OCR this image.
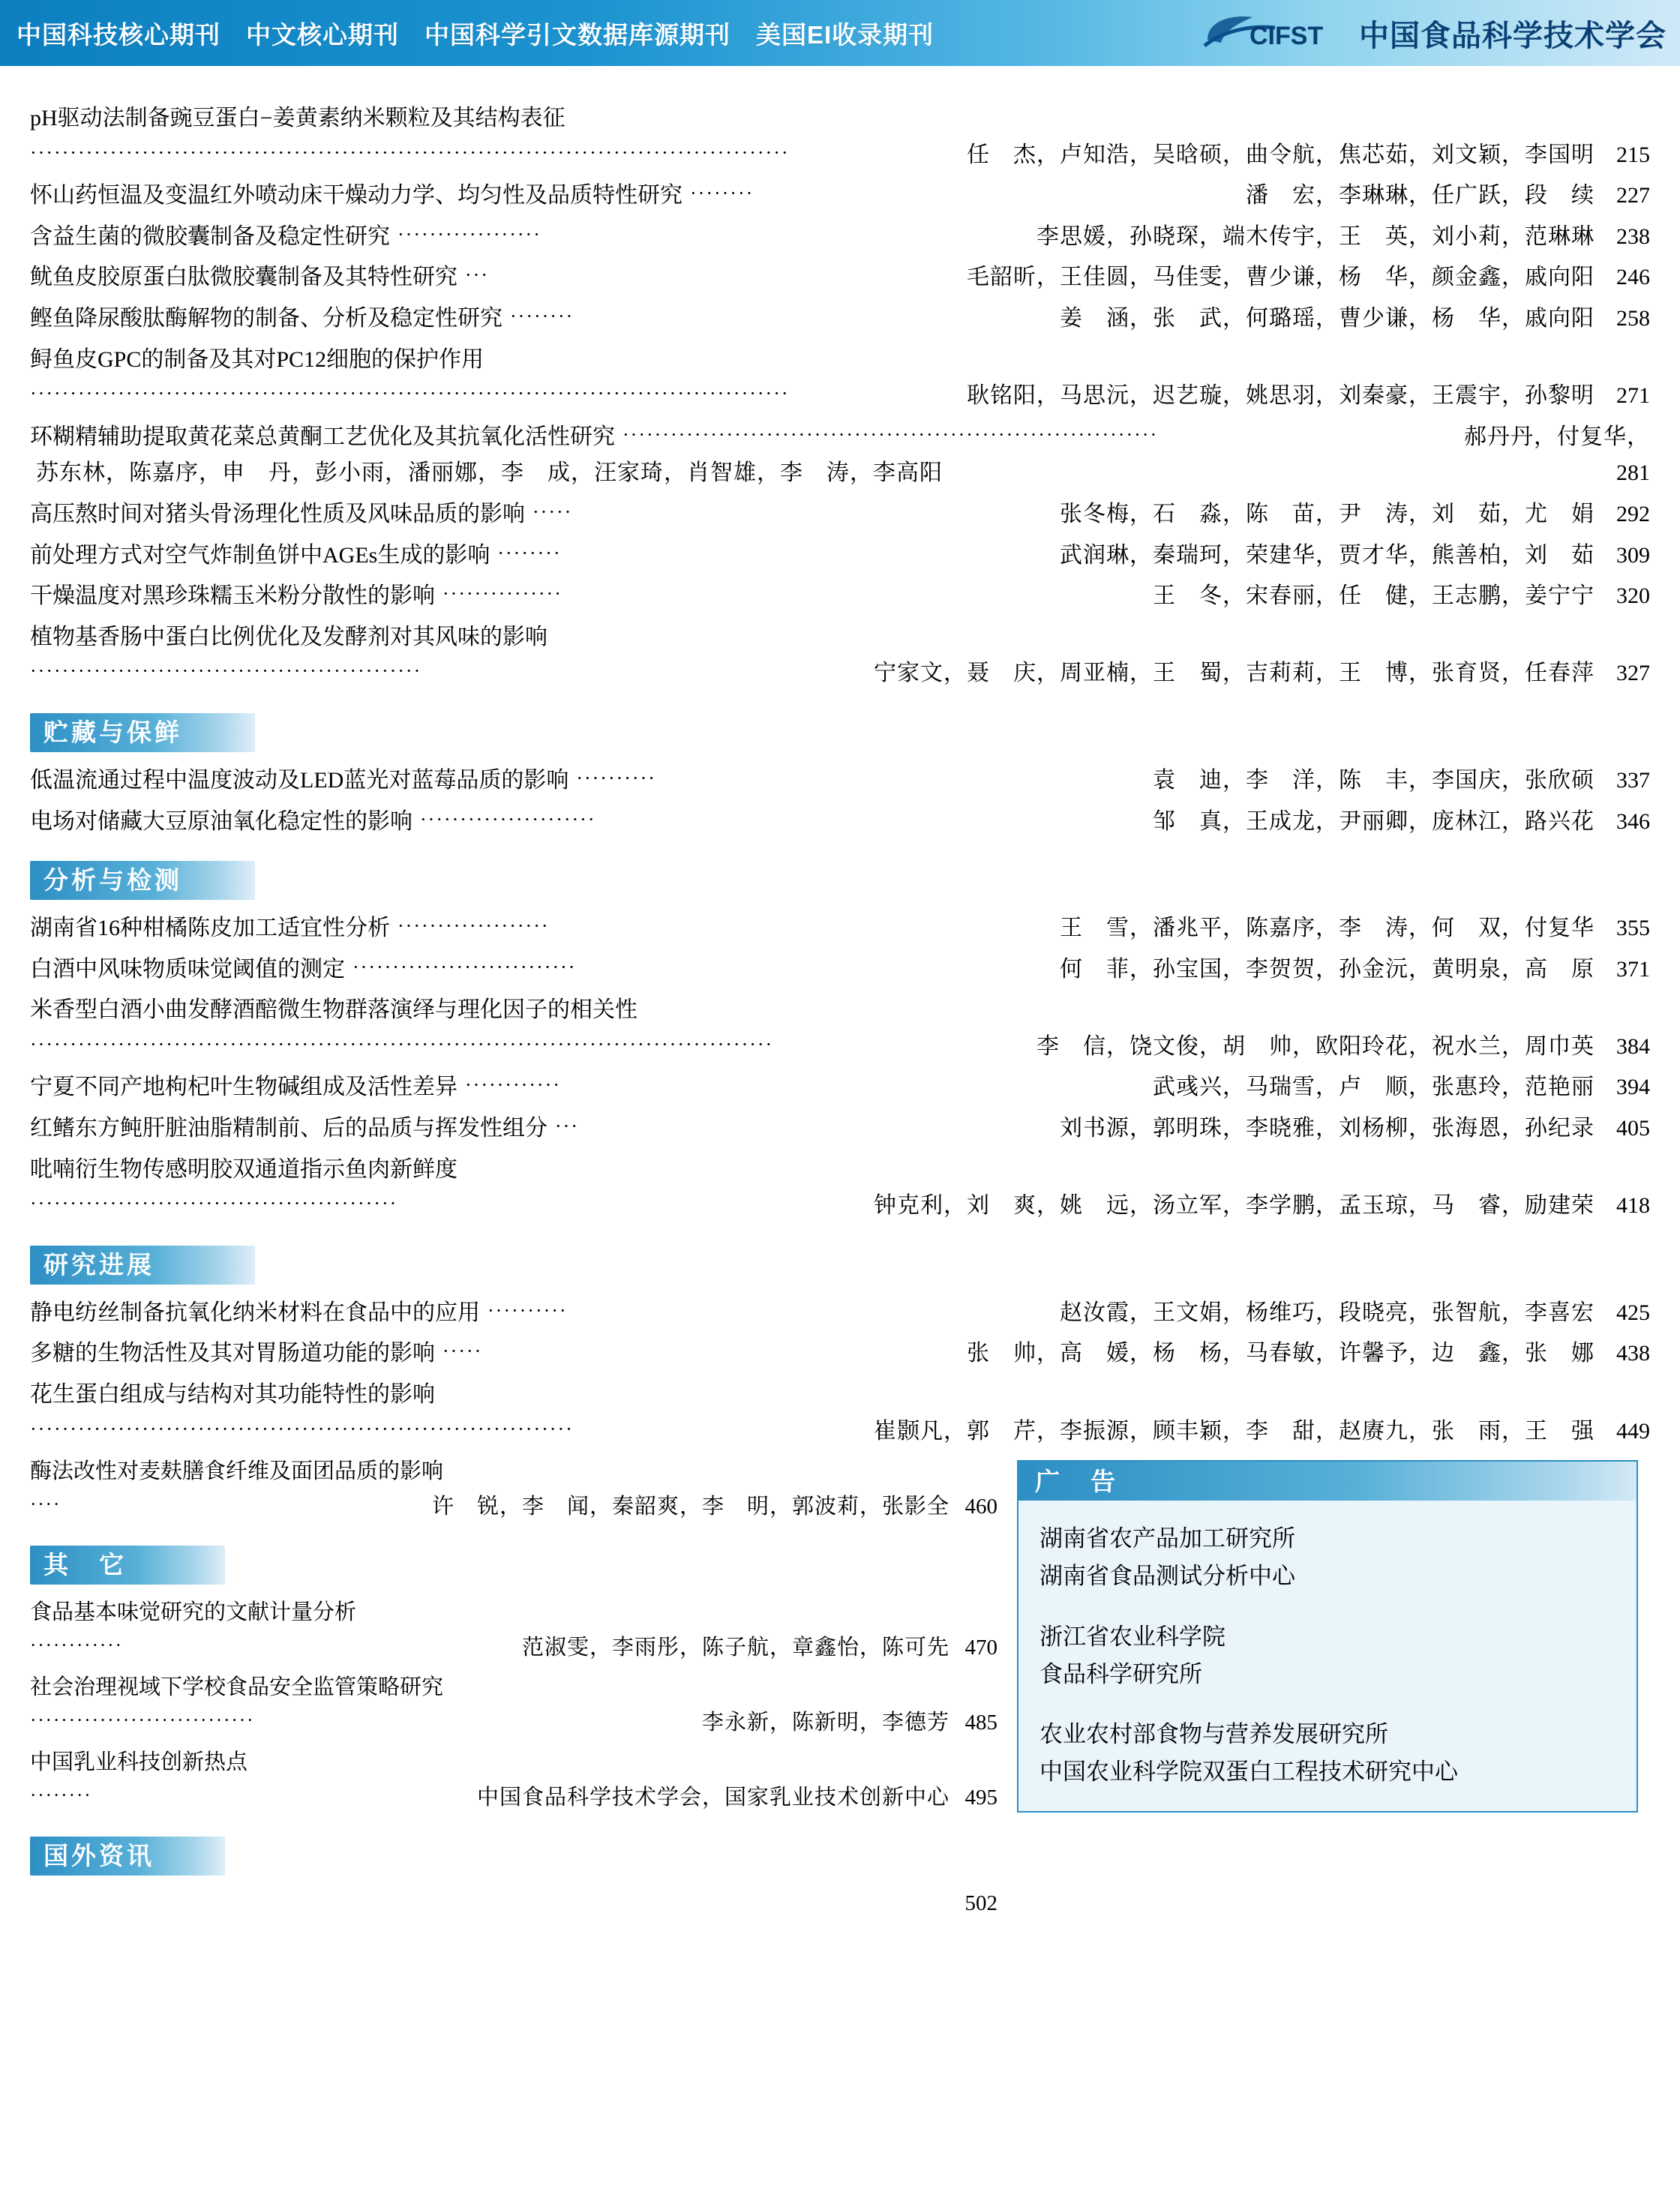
中国科技核心期刊 中文核心期刊 中国科学引文数据库源期刊 美国EI收录期刊	CIFST 中国食品科学技术学会
pH驱动法制备豌豆蛋白−姜黄素纳米颗粒及其结构表征
·······························································································	任　杰，卢知浩，吴晗硕，曲令航，焦芯茹，刘文颖，李国明 215
怀山药恒温及变温红外喷动床干燥动力学、均匀性及品质特性研究 ········	潘　宏，李琳琳，任广跃，段　续 227
含益生菌的微胶囊制备及稳定性研究 ··················	李思媛，孙晓琛，端木传宇，王　英，刘小莉，范琳琳 238
鱿鱼皮胶原蛋白肽微胶囊制备及其特性研究 ···	毛韶昕，王佳圆，马佳雯，曹少谦，杨　华，颜金鑫，戚向阳 246
鲣鱼降尿酸肽酶解物的制备、分析及稳定性研究 ········	姜　涵，张　武，何璐瑶，曹少谦，杨　华，戚向阳 258
鲟鱼皮GPC的制备及其对PC12细胞的保护作用
·······························································································	耿铭阳，马思沅，迟艺璇，姚思羽，刘秦豪，王震宇，孙黎明 271
环糊精辅助提取黄花菜总黄酮工艺优化及其抗氧化活性研究 ···································································	郝丹丹，付复华，
苏东林，陈嘉序，申　丹，彭小雨，潘丽娜，李　成，汪家琦，肖智雄，李　涛，李高阳	281
高压熬时间对猪头骨汤理化性质及风味品质的影响 ·····	张冬梅，石　淼，陈　苗，尹　涛，刘　茹，尤　娟 292
前处理方式对空气炸制鱼饼中AGEs生成的影响 ········	武润琳，秦瑞珂，荣建华，贾才华，熊善柏，刘　茹 309
干燥温度对黑珍珠糯玉米粉分散性的影响 ···············	王　冬，宋春丽，任　健，王志鹏，姜宁宁 320
植物基香肠中蛋白比例优化及发酵剂对其风味的影响
·················································	宁家文，聂　庆，周亚楠，王　蜀，吉莉莉，王　博，张育贤，任春萍 327
贮藏与保鲜
低温流通过程中温度波动及LED蓝光对蓝莓品质的影响 ··········	袁　迪，李　洋，陈　丰，李国庆，张欣硕 337
电场对储藏大豆原油氧化稳定性的影响 ······················	邹　真，王成龙，尹丽卿，庞林江，路兴花 346
分析与检测
湖南省16种柑橘陈皮加工适宜性分析 ···················	王　雪，潘兆平，陈嘉序，李　涛，何　双，付复华 355
白酒中风味物质味觉阈值的测定 ····························	何　菲，孙宝国，李贺贺，孙金沅，黄明泉，高　原 371
米香型白酒小曲发酵酒醅微生物群落演绎与理化因子的相关性
·····························································································	李　信，饶文俊，胡　帅，欧阳玲花，祝水兰，周巾英 384
宁夏不同产地枸杞叶生物碱组成及活性差异 ············	武彧兴，马瑞雪，卢　顺，张惠玲，范艳丽 394
红鳍东方鲀肝脏油脂精制前、后的品质与挥发性组分 ···	刘书源，郭明珠，李晓雅，刘杨柳，张海恩，孙纪录 405
吡喃衍生物传感明胶双通道指示鱼肉新鲜度
··············································	钟克利，刘　爽，姚　远，汤立军，李学鹏，孟玉琼，马　睿，励建荣 418
研究进展
静电纺丝制备抗氧化纳米材料在食品中的应用 ··········	赵汝霞，王文娟，杨维巧，段晓亮，张智航，李喜宏 425
多糖的生物活性及其对胃肠道功能的影响 ·····	张　帅，高　媛，杨　杨，马春敏，许馨予，边　鑫，张　娜 438
花生蛋白组成与结构对其功能特性的影响
····································································	崔颢凡，郭　芹，李振源，顾丰颖，李　甜，赵赓九，张　雨，王　强 449
酶法改性对麦麸膳食纤维及面团品质的影响
····	许　锐，李　闻，秦韶爽，李　明，郭波莉，张影全 460
其　它
食品基本味觉研究的文献计量分析
············	范淑雯，李雨彤，陈子航，章鑫怡，陈可先 470
社会治理视域下学校食品安全监管策略研究
·····························	李永新，陈新明，李德芳 485
中国乳业科技创新热点
········	中国食品科学技术学会，国家乳业技术创新中心 495
国外资讯
502
广　告
湖南省农产品加工研究所
湖南省食品测试分析中心
浙江省农业科学院
食品科学研究所
农业农村部食物与营养发展研究所
中国农业科学院双蛋白工程技术研究中心
